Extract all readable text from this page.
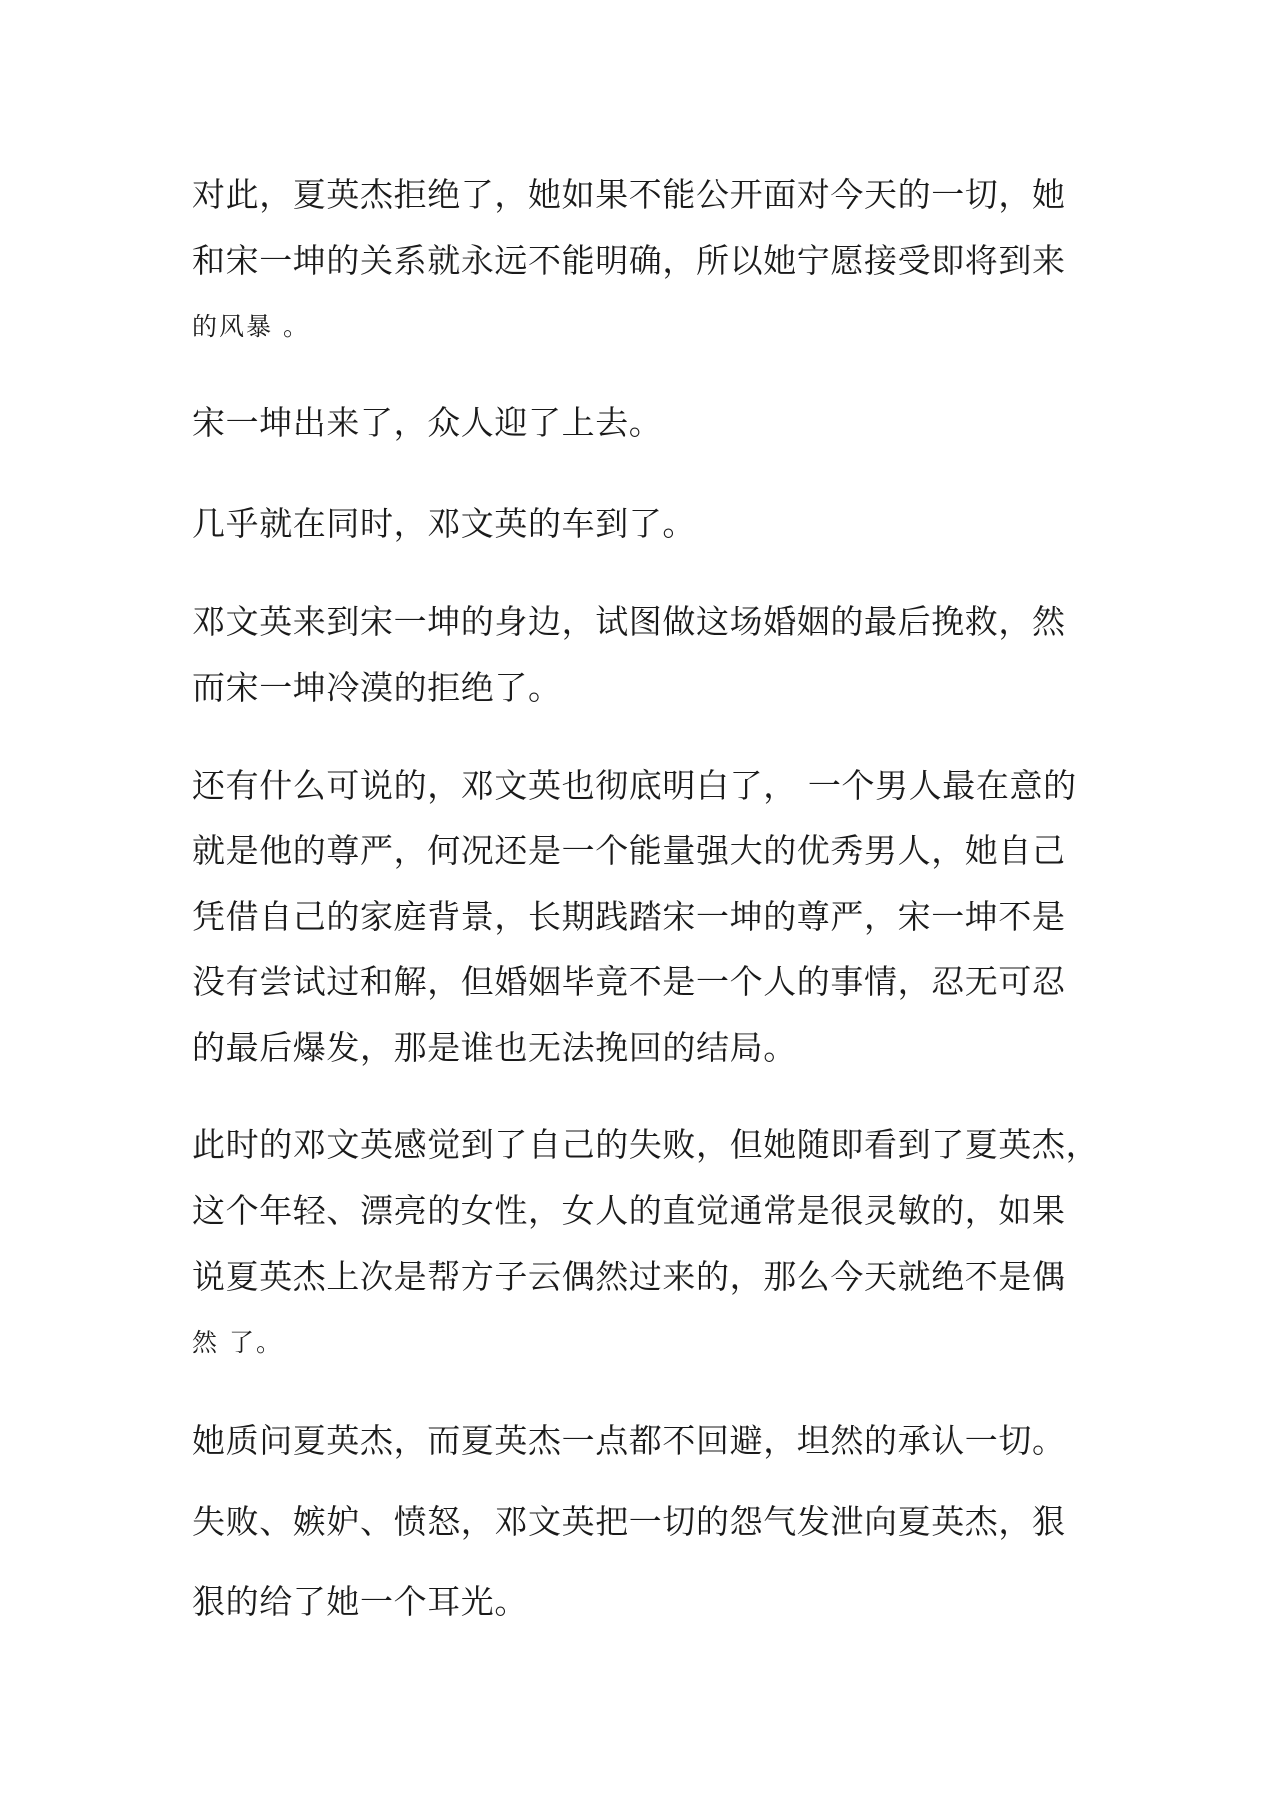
对此，夏英杰拒绝了，她如果不能公开面对今天的一切，她
和宋一坤的关系就永远不能明确，所以她宁愿接受即将到来
的风暴 。
宋一坤出来了，众人迎了上去。
几乎就在同时，邓文英的车到了。
邓文英来到宋一坤的身边，试图做这场婚姻的最后挽救，然
而宋一坤冷漠的拒绝了。
还有什么可说的，邓文英也彻底明白了， 一个男人最在意的
就是他的尊严，何况还是一个能量强大的优秀男人，她自己
凭借自己的家庭背景，长期践踏宋一坤的尊严，宋一坤不是
没有尝试过和解，但婚姻毕竟不是一个人的事情，忍无可忍
的最后爆发，那是谁也无法挽回的结局。
此时的邓文英感觉到了自己的失败，但她随即看到了夏英杰，
这个年轻、漂亮的女性，女人的直觉通常是很灵敏的，如果
说夏英杰上次是帮方子云偶然过来的，那么今天就绝不是偶
然 了。
她质问夏英杰，而夏英杰一点都不回避，坦然的承认一切。
失败、嫉妒、愤怒，邓文英把一切的怨气发泄向夏英杰，狠
狠的给了她一个耳光。
